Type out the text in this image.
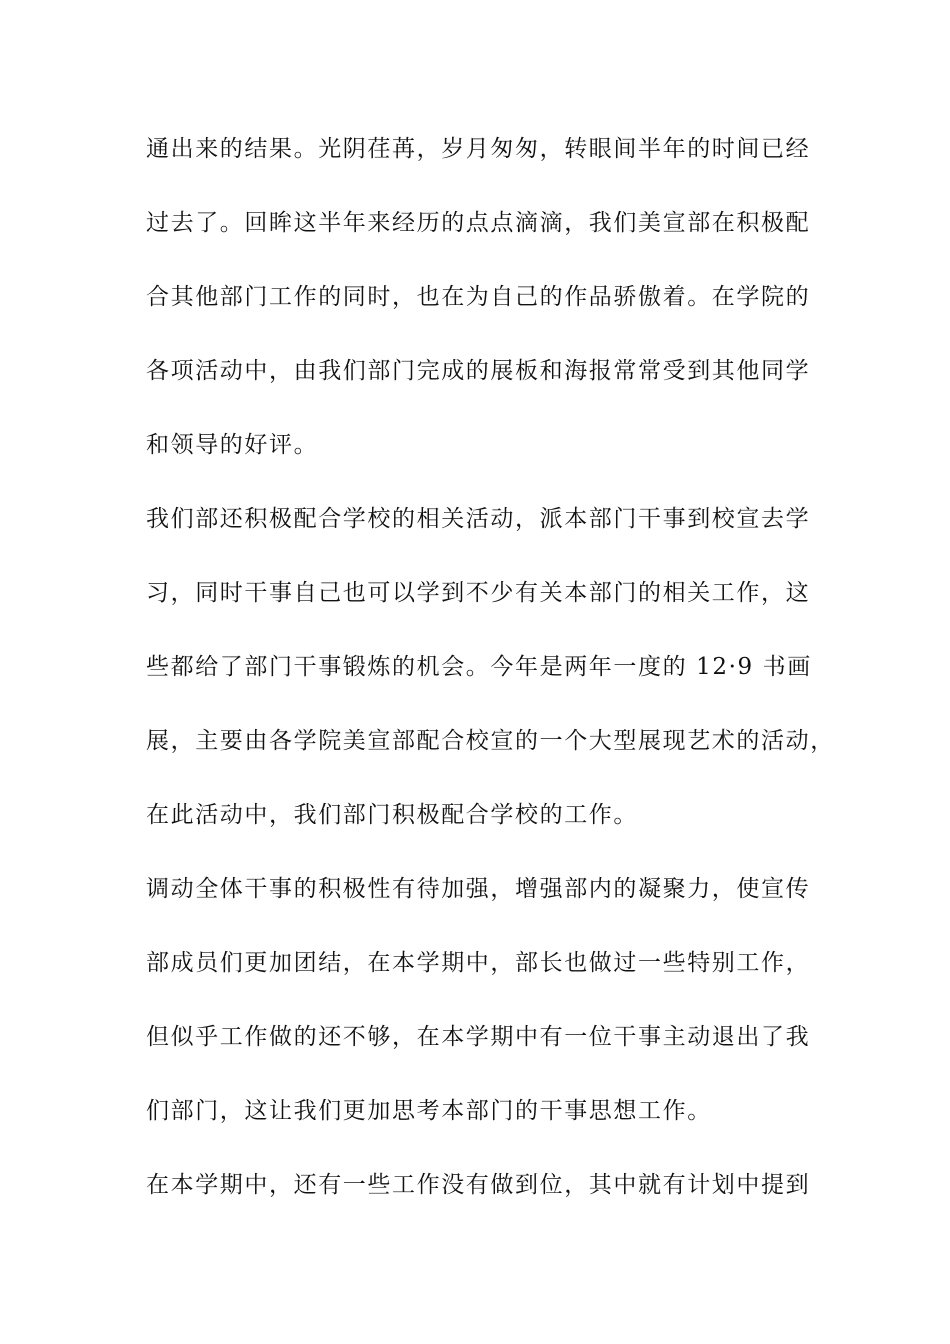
通出来的结果。光阴荏苒，岁月匆匆，转眼间半年的时间已经

过去了。回眸这半年来经历的点点滴滴，我们美宣部在积极配

合其他部门工作的同时，也在为自己的作品骄傲着。在学院的

各项活动中，由我们部门完成的展板和海报常常受到其他同学

和领导的好评。

我们部还积极配合学校的相关活动，派本部门干事到校宣去学

习，同时干事自己也可以学到不少有关本部门的相关工作，这

些都给了部门干事锻炼的机会。今年是两年一度的 12·9 书画

展，主要由各学院美宣部配合校宣的一个大型展现艺术的活动，

在此活动中，我们部门积极配合学校的工作。

调动全体干事的积极性有待加强，增强部内的凝聚力，使宣传

部成员们更加团结，在本学期中，部长也做过一些特别工作，

但似乎工作做的还不够，在本学期中有一位干事主动退出了我

们部门，这让我们更加思考本部门的干事思想工作。

在本学期中，还有一些工作没有做到位，其中就有计划中提到
